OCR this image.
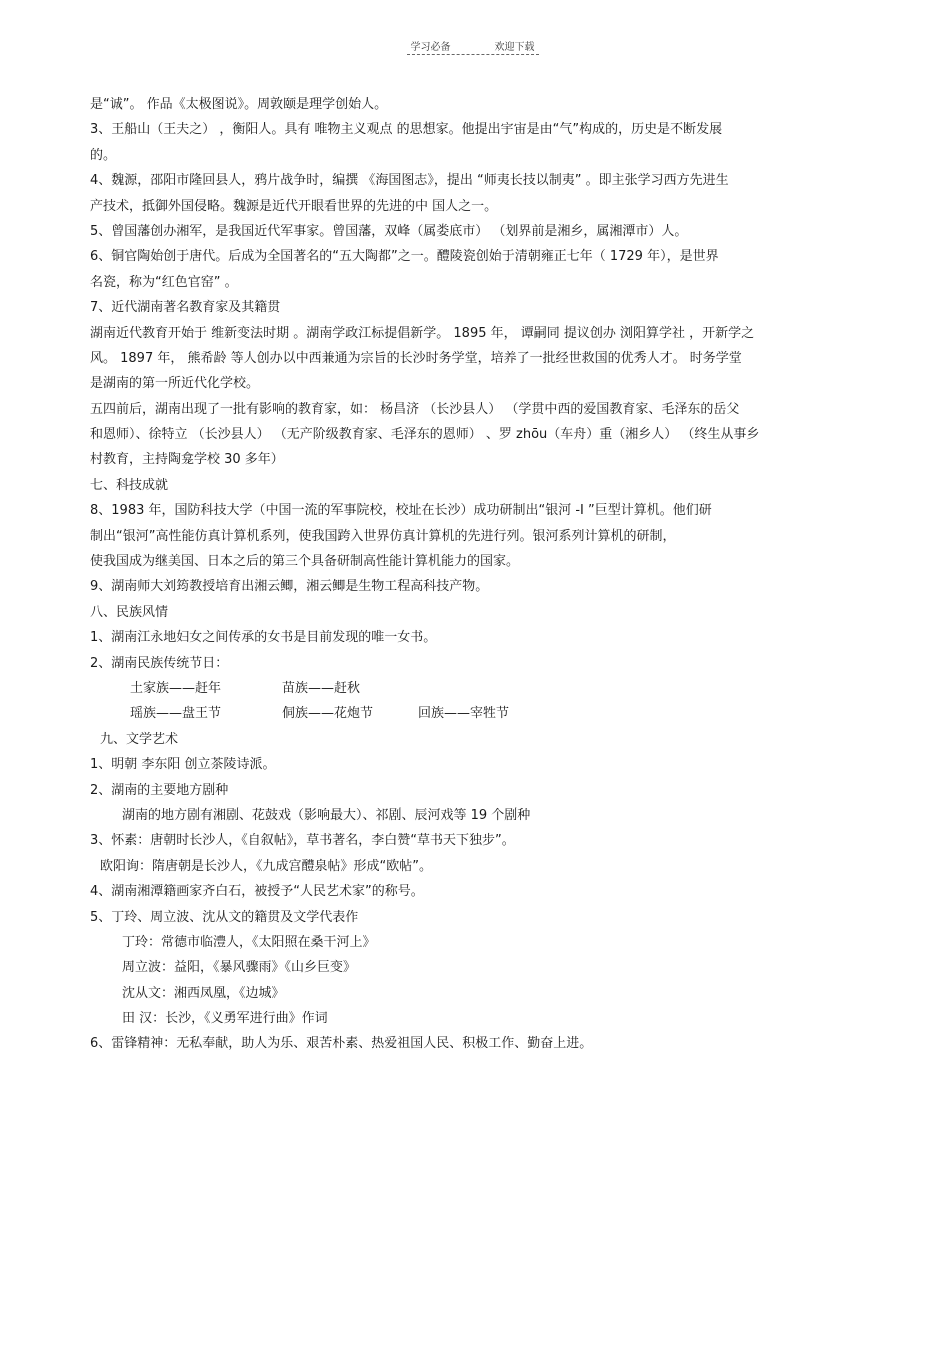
学习必备	欢迎下载
是“诚”。 作品《太极图说》。周敦颐是理学创始人。
3、王船山（王夫之） ，衡阳人。具有 唯物主义观点 的思想家。他提出宇宙是由“气”构成的，历史是不断发展
的。
4、魏源，邵阳市隆回县人，鸦片战争时，编撰 《海国图志》，提出 “师夷长技以制夷” 。即主张学习西方先进生
产技术，抵御外国侵略。魏源是近代开眼看世界的先进的中 国人之一。
5、曾国藩创办湘军，是我国近代军事家。曾国藩，双峰（属娄底市） （划界前是湘乡，属湘潭市）人。
6、铜官陶始创于唐代。后成为全国著名的“五大陶都”之一。醴陵瓷创始于清朝雍正七年（ 1729 年），是世界
名瓷，称为“红色官窑” 。
7、近代湖南著名教育家及其籍贯
湖南近代教育开始于 维新变法时期 。湖南学政江标提倡新学。 1895 年， 谭嗣同 提议创办 浏阳算学社 ，开新学之
风。 1897 年， 熊希龄 等人创办以中西兼通为宗旨的长沙时务学堂，培养了一批经世救国的优秀人才。 时务学堂
是湖南的第一所近代化学校。
五四前后，湖南出现了一批有影响的教育家，如： 杨昌济 （长沙县人） （学贯中西的爱国教育家、毛泽东的岳父
和恩师）、徐特立 （长沙县人） （无产阶级教育家、毛泽东的恩师） 、罗 zhōu（车舟）重（湘乡人） （终生从事乡
村教育，主持陶龛学校 30 多年）
七、科技成就
8、1983 年，国防科技大学（中国一流的军事院校，校址在长沙）成功研制出“银河 -I ”巨型计算机。他们研
制出“银河”高性能仿真计算机系列，使我国跨入世界仿真计算机的先进行列。银河系列计算机的研制，
使我国成为继美国、日本之后的第三个具备研制高性能计算机能力的国家。
9、湖南师大刘筠教授培育出湘云鲫，湘云鲫是生物工程高科技产物。
八、民族风情
1、湖南江永地妇女之间传承的女书是目前发现的唯一女书。
2、湖南民族传统节日：
土家族——赶年	苗族——赶秋
瑶族——盘王节	侗族——花炮节	回族——宰牲节
九、文学艺术
1、明朝 李东阳 创立茶陵诗派。
2、湖南的主要地方剧种
湖南的地方剧有湘剧、花鼓戏（影响最大）、祁剧、辰河戏等 19 个剧种
3、怀素：唐朝时长沙人，《自叙帖》，草书著名，李白赞“草书天下独步”。
欧阳询：隋唐朝是长沙人，《九成宫醴泉帖》形成“欧帖”。
4、湖南湘潭籍画家齐白石，被授予“人民艺术家”的称号。
5、丁玲、周立波、沈从文的籍贯及文学代表作
丁玲：常德市临澧人，《太阳照在桑干河上》
周立波：益阳，《暴风骤雨》《山乡巨变》
沈从文：湘西凤凰，《边城》
田 汉：长沙，《义勇军进行曲》作词
6、雷锋精神：无私奉献，助人为乐、艰苦朴素、热爱祖国人民、积极工作、勤奋上进。
